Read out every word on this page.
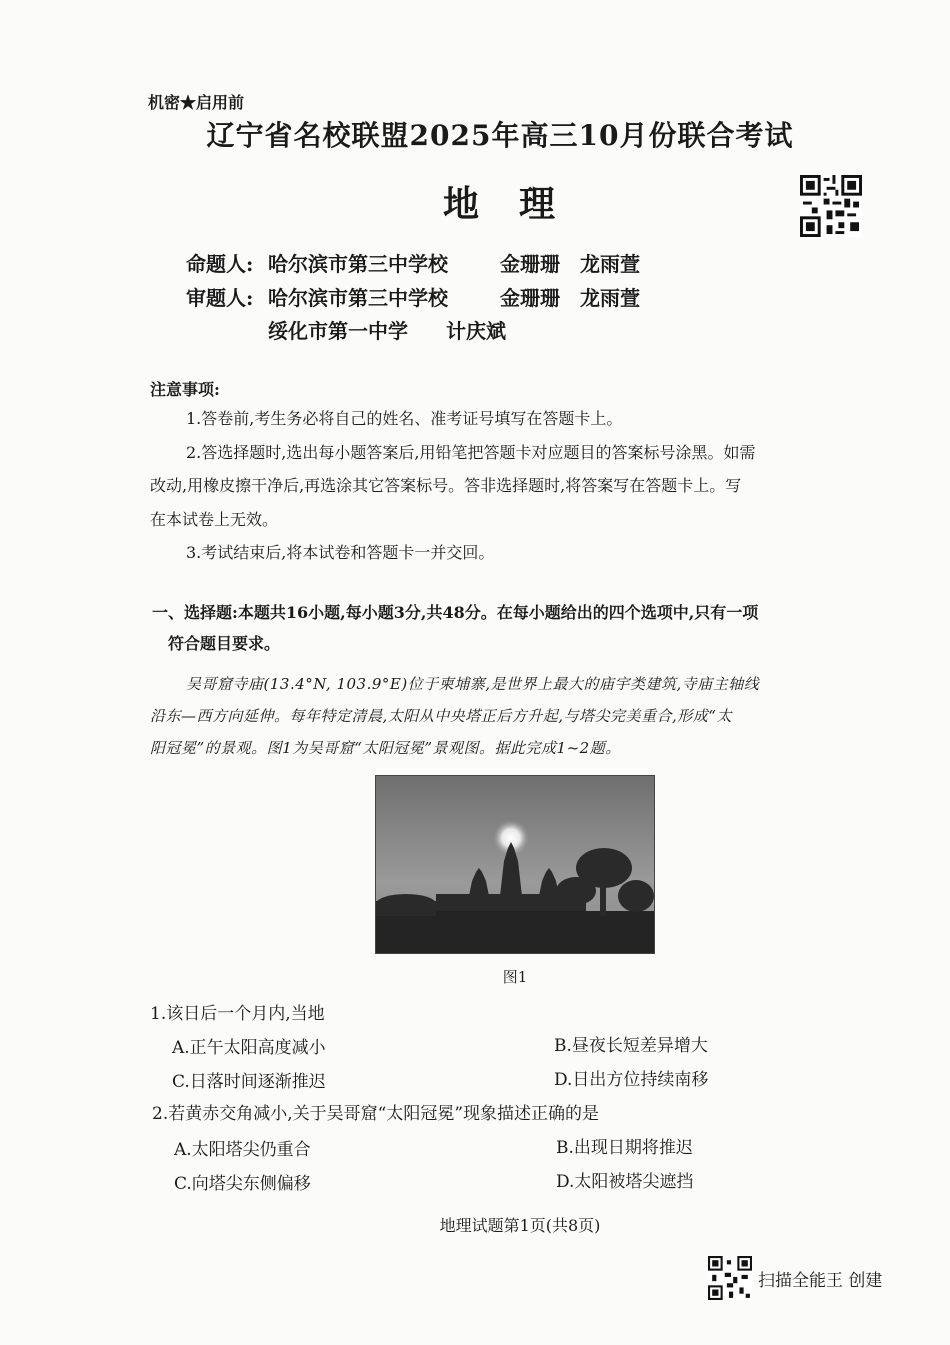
机密★启用前
辽宁省名校联盟2025年高三10月份联合考试
地　理
命题人: 哈尔滨市第三中学校	金珊珊　龙雨萱
审题人: 哈尔滨市第三中学校	金珊珊　龙雨萱
绥化市第一中学 计庆斌
注意事项:
1.答卷前,考生务必将自己的姓名、准考证号填写在答题卡上。
2.答选择题时,选出每小题答案后,用铅笔把答题卡对应题目的答案标号涂黑。如需
改动,用橡皮擦干净后,再选涂其它答案标号。答非选择题时,将答案写在答题卡上。写
在本试卷上无效。
3.考试结束后,将本试卷和答题卡一并交回。
一、选择题:本题共16小题,每小题3分,共48分。在每小题给出的四个选项中,只有一项
符合题目要求。
吴哥窟寺庙(13.4°N, 103.9°E)位于柬埔寨,是世界上最大的庙宇类建筑,寺庙主轴线
沿东—西方向延伸。每年特定清晨,太阳从中央塔正后方升起,与塔尖完美重合,形成“太
阳冠冕”的景观。图1为吴哥窟“太阳冠冕”景观图。据此完成1~2题。
图1
1.该日后一个月内,当地
A.正午太阳高度减小	B.昼夜长短差异增大
C.日落时间逐渐推迟	D.日出方位持续南移
2.若黄赤交角减小,关于吴哥窟“太阳冠冕”现象描述正确的是
A.太阳塔尖仍重合	B.出现日期将推迟
C.向塔尖东侧偏移	D.太阳被塔尖遮挡
地理试题第1页(共8页)
扫描全能王 创建
